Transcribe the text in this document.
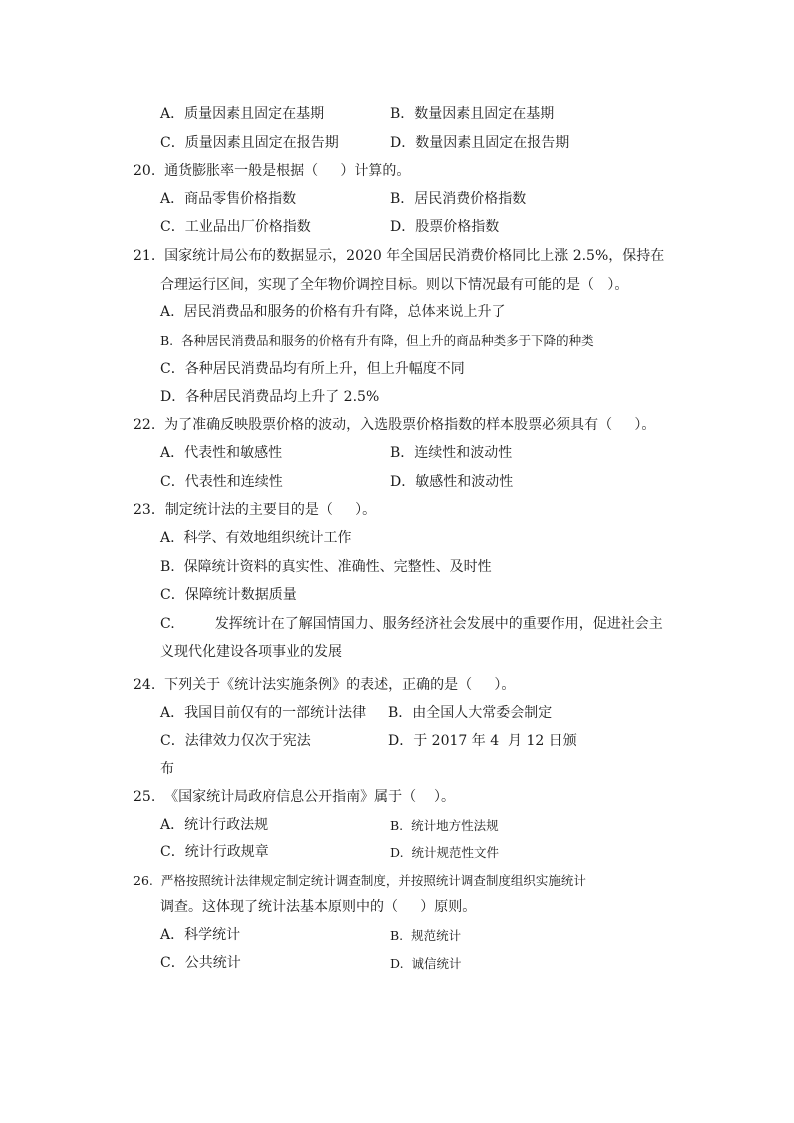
A．质量因素且固定在基期	B．数量因素且固定在基期
C．质量因素且固定在报告期	D．数量因素且固定在报告期
20.  通货膨胀率一般是根据（     ）计算的。
A．商品零售价格指数	B．居民消费价格指数
C．工业品出厂价格指数	D．股票价格指数
21.  国家统计局公布的数据显示，2020 年全国居民消费价格同比上涨 2.5%，保持在
合理运行区间，实现了全年物价调控目标。则以下情况最有可能的是（   ）。
A.  居民消费品和服务的价格有升有降，总体来说上升了
B.  各种居民消费品和服务的价格有升有降，但上升的商品种类多于下降的种类
C．各种居民消费品均有所上升，但上升幅度不同
D．各种居民消费品均上升了 2.5%
22.  为了准确反映股票价格的波动，入选股票价格指数的样本股票必须具有（     ）。
A．代表性和敏感性	B．连续性和波动性
C．代表性和连续性	D．敏感性和波动性
23．制定统计法的主要目的是（     ）。
A.  科学、有效地组织统计工作
B.  保障统计资料的真实性、准确性、完整性、及时性
C．保障统计数据质量
C.         发挥统计在了解国情国力、服务经济社会发展中的重要作用，促进社会主
义现代化建设各项事业的发展
24.  下列关于《统计法实施条例》的表述，正确的是（     ）。
A．我国目前仅有的一部统计法律 B．由全国人大常委会制定
C．法律效力仅次于宪法	D．于 2017 年 4  月 12 日颁
布
25.  《国家统计局政府信息公开指南》属于（    ）。
A．统计行政法规	B.  统计地方性法规
C．统计行政规章	D.  统计规范性文件
26.  严格按照统计法律规定制定统计调查制度，并按照统计调查制度组织实施统计
调查。这体现了统计法基本原则中的（     ）原则。
A．科学统计	B.  规范统计
C．公共统计	D.  诚信统计
